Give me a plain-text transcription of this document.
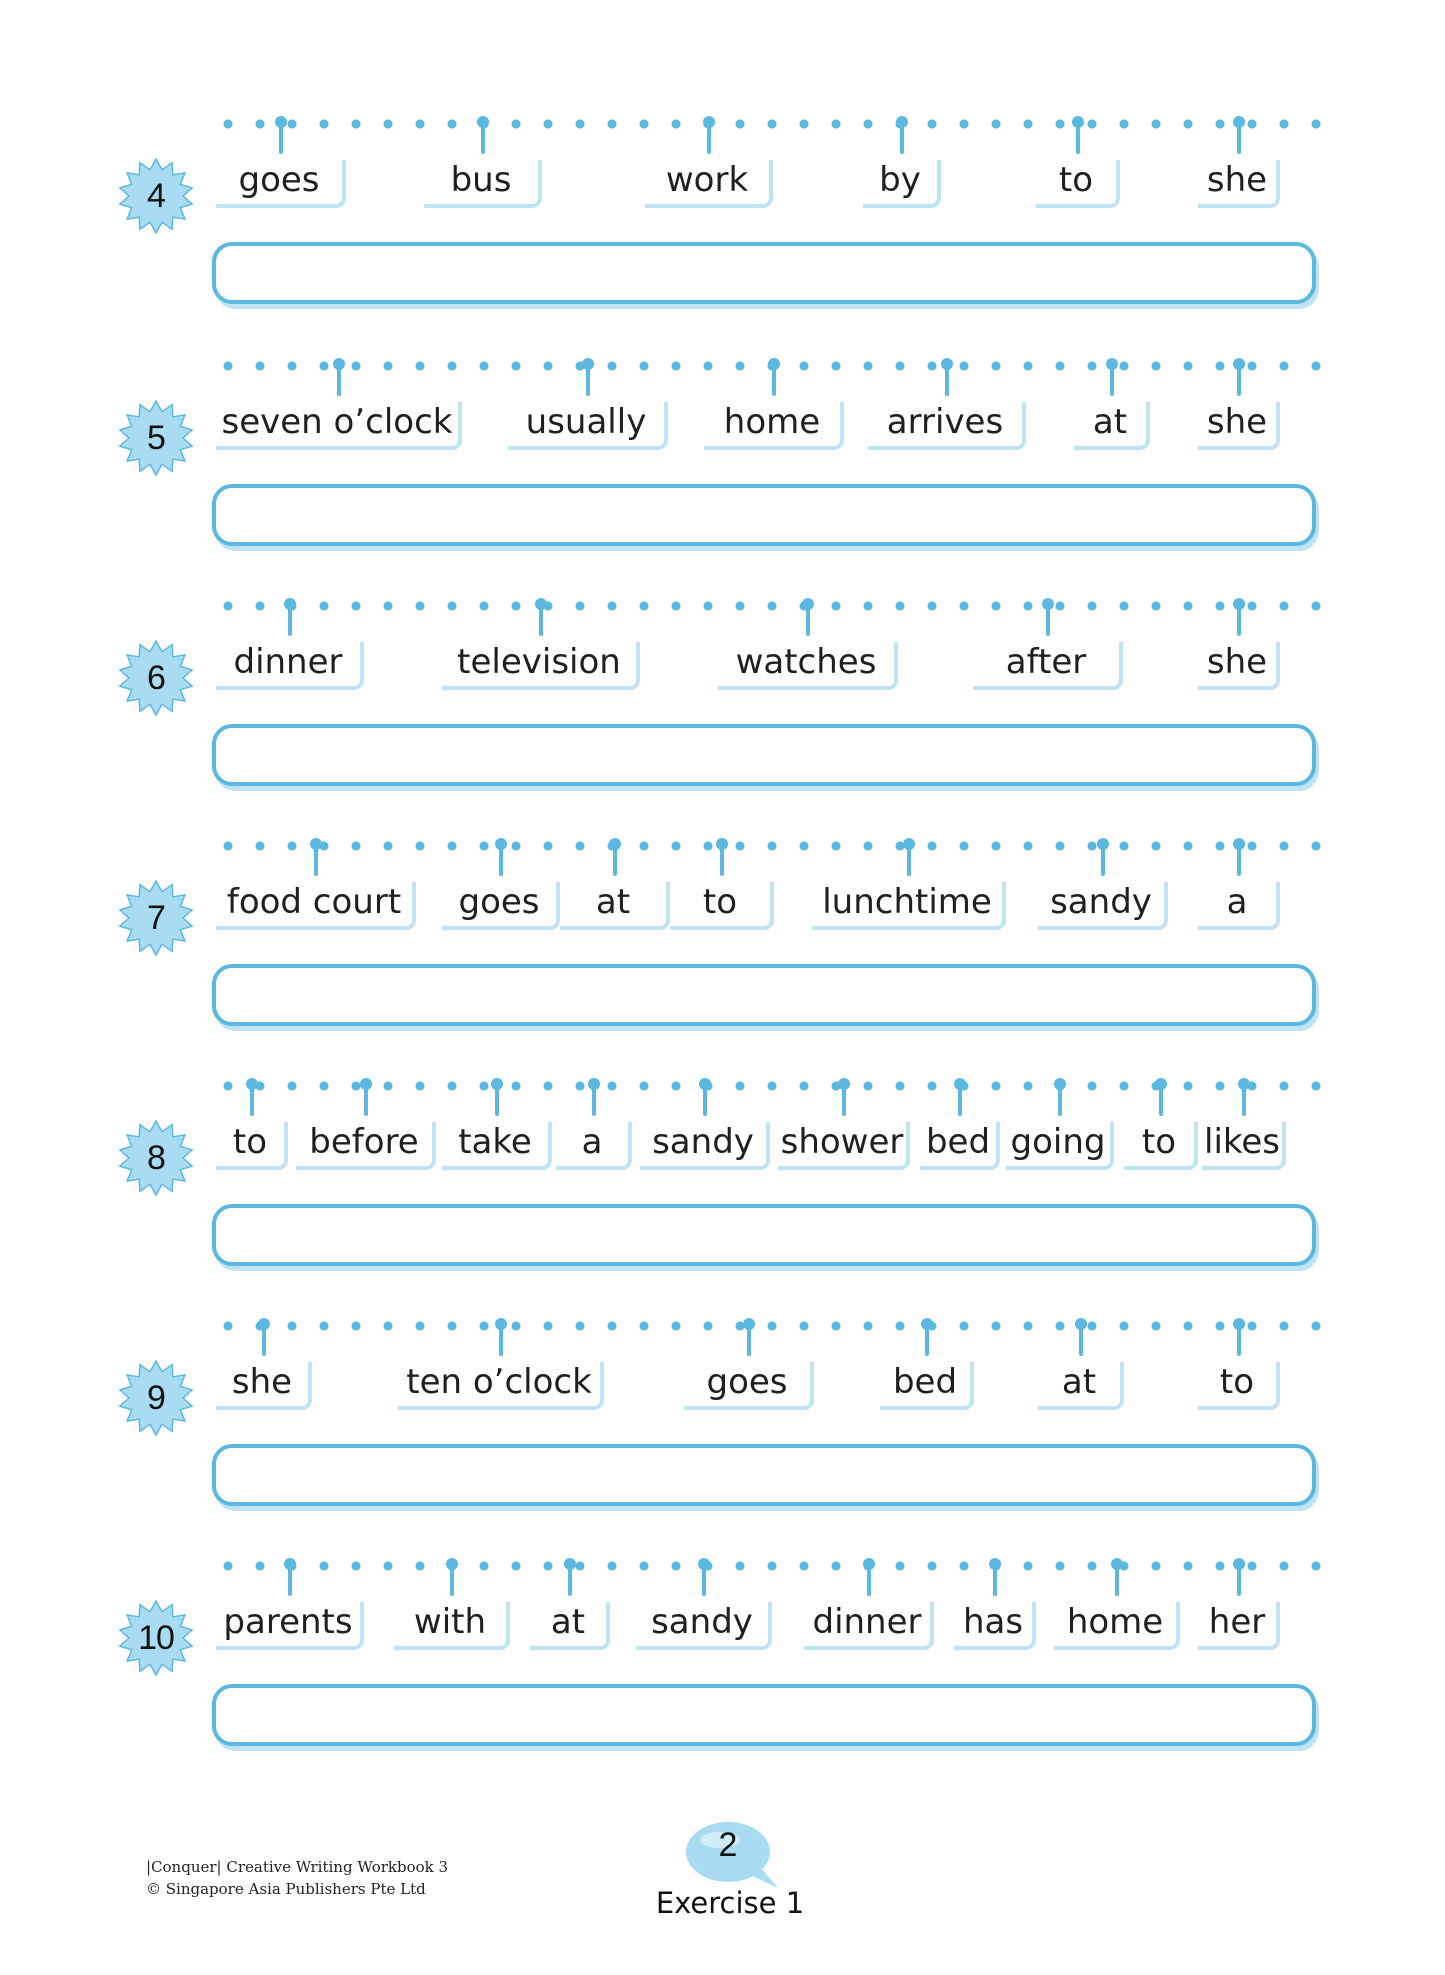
4	goes	bus	work	by	to	she
5 seven o’clock	usually	home	arrives	at	she
6	dinner	television	watches	after	she
7	food court	goes	at	to	lunchtime	sandy	a
8	to	before	take	a	sandy shower bed going	to likes
9	she	ten o’clock	goes	bed	at	to
10 parents	with	at	sandy	dinner	has	home	her
|Conquer| Creative Writing Workbook 3
© Singapore Asia Publishers Pte Ltd
2
Exercise 1
